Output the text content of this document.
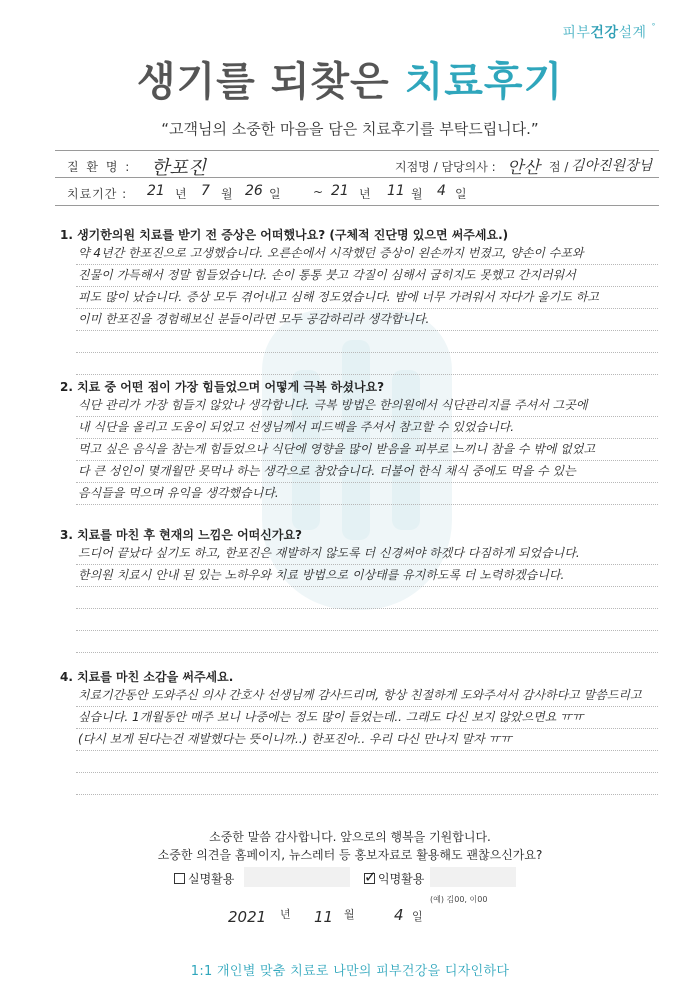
피부건강설계 °
생기를 되찾은 치료후기
“고객님의 소중한 마음을 담은 치료후기를 부탁드립니다.”
질 환 명 : 한포진	지점명 / 담당의사 : 안산 점 / 김아진원장님
치료기간 : 21 년 7 월 26 일	~ 21 년 11 월 4 일
1. 생기한의원 치료를 받기 전 증상은 어떠했나요? (구체적 진단명 있으면 써주세요.)
약 4년간 한포진으로 고생했습니다. 오른손에서 시작했던 증상이 왼손까지 번졌고, 양손이 수포와
진물이 가득해서 정말 힘들었습니다. 손이 통통 붓고 각질이 심해서 굽히지도 못했고 간지러워서
피도 많이 났습니다. 증상 모두 겪어내고 심해 정도였습니다. 밤에 너무 가려워서 자다가 울기도 하고
이미 한포진을 경험해보신 분들이라면 모두 공감하리라 생각합니다.
2. 치료 중 어떤 점이 가장 힘들었으며 어떻게 극복 하셨나요?
식단 관리가 가장 힘들지 않았나 생각합니다. 극복 방법은 한의원에서 식단관리지를 주셔서 그곳에
내 식단을 올리고 도움이 되었고 선생님께서 피드백을 주셔서 참고할 수 있었습니다.
먹고 싶은 음식을 참는게 힘들었으나 식단에 영향을 많이 받음을 피부로 느끼니 참을 수 밖에 없었고
다 큰 성인이 몇개월만 못먹나 하는 생각으로 참았습니다. 더불어 한식 채식 중에도 먹을 수 있는
음식들을 먹으며 유익을 생각했습니다.
3. 치료를 마친 후 현재의 느낌은 어떠신가요?
드디어 끝났다 싶기도 하고, 한포진은 재발하지 않도록 더 신경써야 하겠다 다짐하게 되었습니다.
한의원 치료시 안내 된 있는 노하우와 치료 방법으로 이상태를 유지하도록 더 노력하겠습니다.
4. 치료를 마친 소감을 써주세요.
치료기간동안 도와주신 의사 간호사 선생님께 감사드리며, 항상 친절하게 도와주셔서 감사하다고 말씀드리고
싶습니다. 1개월동안 매주 보니 나중에는 정도 많이 들었는데.. 그래도 다신 보지 않았으면요 ㅠㅠ
(다시 보게 된다는건 재발했다는 뜻이니까..) 한포진아.. 우리 다신 만나지 말자 ㅠㅠ
소중한 말씀 감사합니다. 앞으로의 행복을 기원합니다.
소중한 의견을 홈페이지, 뉴스레터 등 홍보자료로 활용해도 괜찮으신가요?
실명활용	✓ 익명활용
(예) 김00, 이00
2021 년 11 월	4 일
1:1 개인별 맞춤 치료로 나만의 피부건강을 디자인하다
